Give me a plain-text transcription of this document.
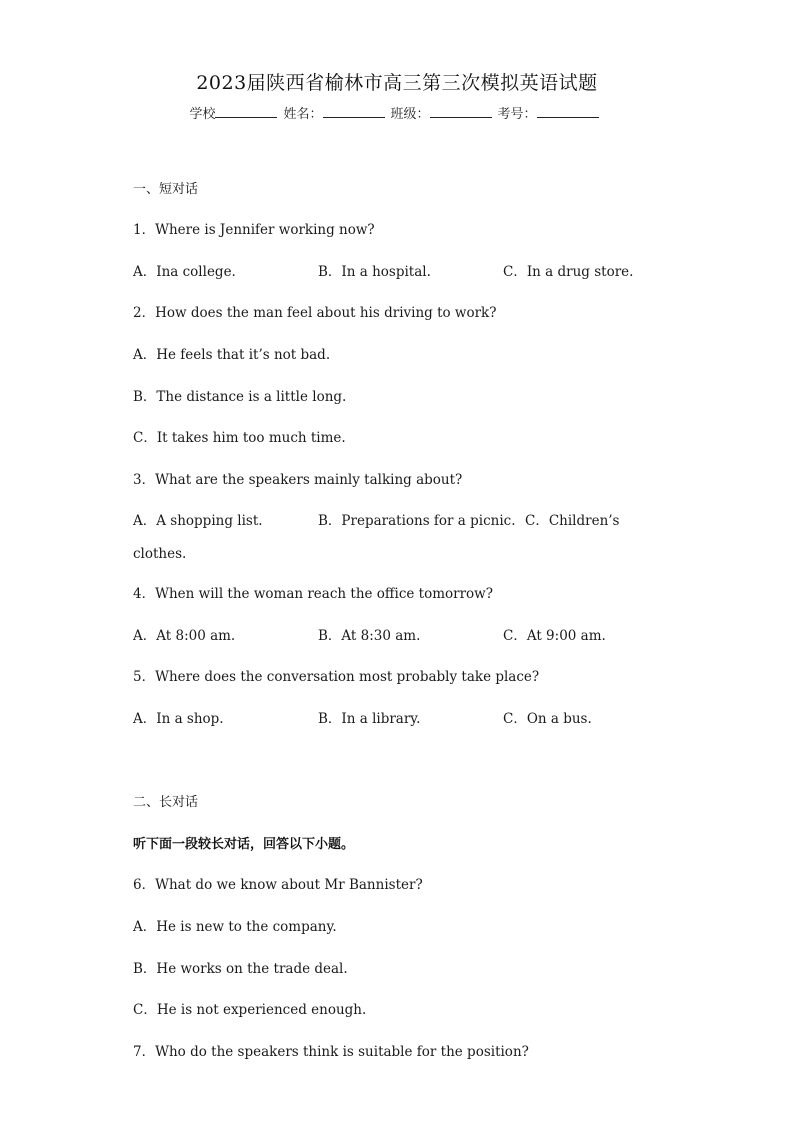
2023届陕西省榆林市高三第三次模拟英语试题
学校	姓名：	班级：	考号：
一、短对话
1．Where is Jennifer working now?
A．Ina college.	B．In a hospital.	C．In a drug store.
2．How does the man feel about his driving to work?
A．He feels that it’s not bad.
B．The distance is a little long.
C．It takes him too much time.
3．What are the speakers mainly talking about?
A．A shopping list.	B．Preparations for a picnic. C．Children’s
clothes.
4．When will the woman reach the office tomorrow?
A．At 8:00 am.	B．At 8:30 am.	C．At 9:00 am.
5．Where does the conversation most probably take place?
A．In a shop.	B．In a library.	C．On a bus.
二、长对话
听下面一段较长对话，回答以下小题。
6．What do we know about Mr Bannister?
A．He is new to the company.
B．He works on the trade deal.
C．He is not experienced enough.
7．Who do the speakers think is suitable for the position?
